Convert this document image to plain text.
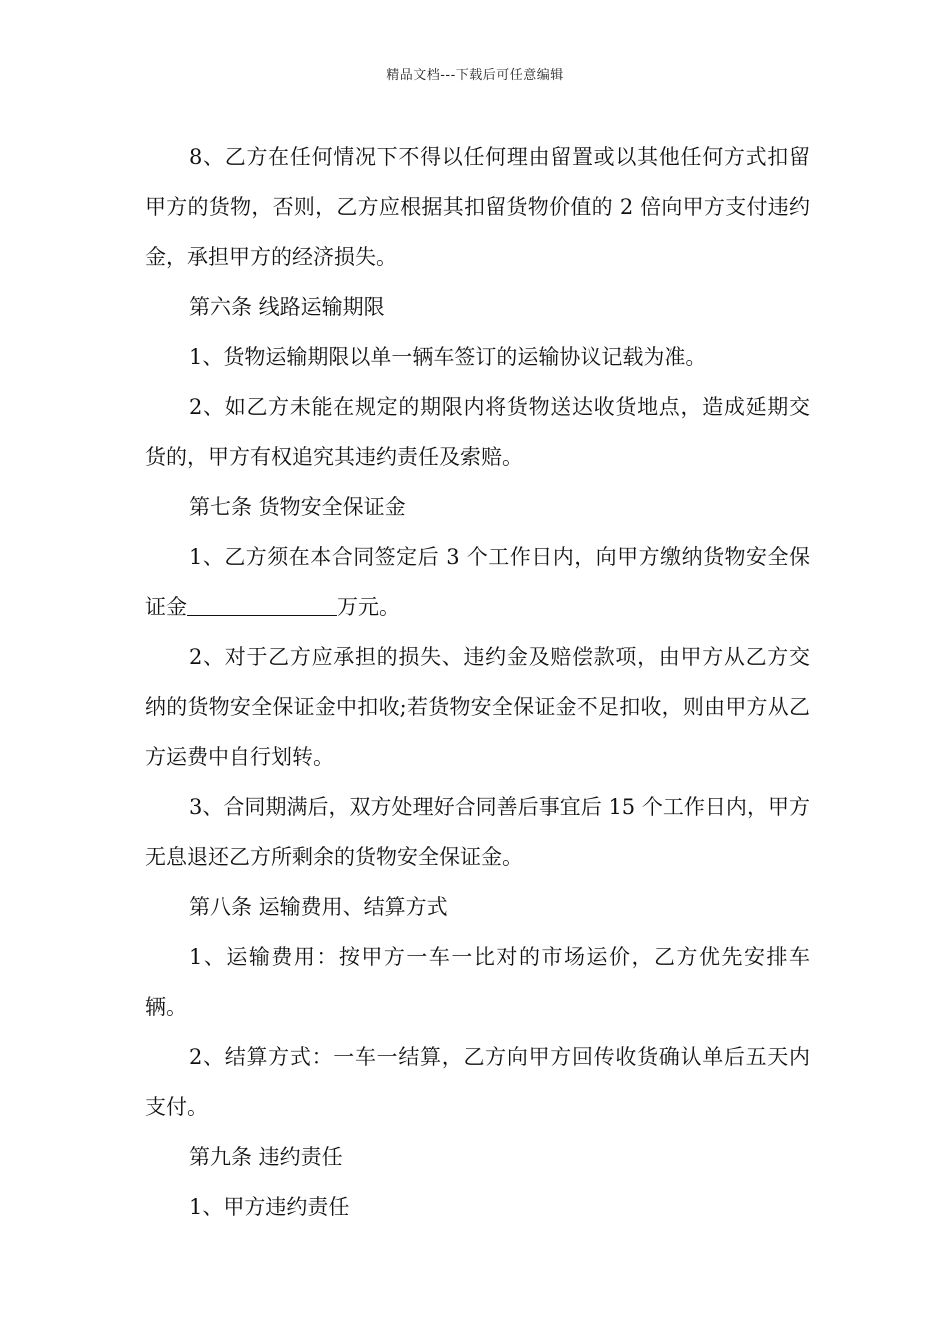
精品文档---下载后可任意编辑

8、乙方在任何情况下不得以任何理由留置或以其他任何方式扣留甲方的货物，否则，乙方应根据其扣留货物价值的 2 倍向甲方支付违约金，承担甲方的经济损失。

第六条 线路运输期限

1、货物运输期限以单一辆车签订的运输协议记载为准。

2、如乙方未能在规定的期限内将货物送达收货地点，造成延期交货的，甲方有权追究其违约责任及索赔。

第七条 货物安全保证金

1、乙方须在本合同签定后 3 个工作日内，向甲方缴纳货物安全保证金	万元。

2、对于乙方应承担的损失、违约金及赔偿款项，由甲方从乙方交纳的货物安全保证金中扣收;若货物安全保证金不足扣收，则由甲方从乙方运费中自行划转。

3、合同期满后，双方处理好合同善后事宜后 15 个工作日内，甲方无息退还乙方所剩余的货物安全保证金。

第八条 运输费用、结算方式

1、运输费用：按甲方一车一比对的市场运价，乙方优先安排车辆。

2、结算方式：一车一结算，乙方向甲方回传收货确认单后五天内支付。

第九条 违约责任

1、甲方违约责任
